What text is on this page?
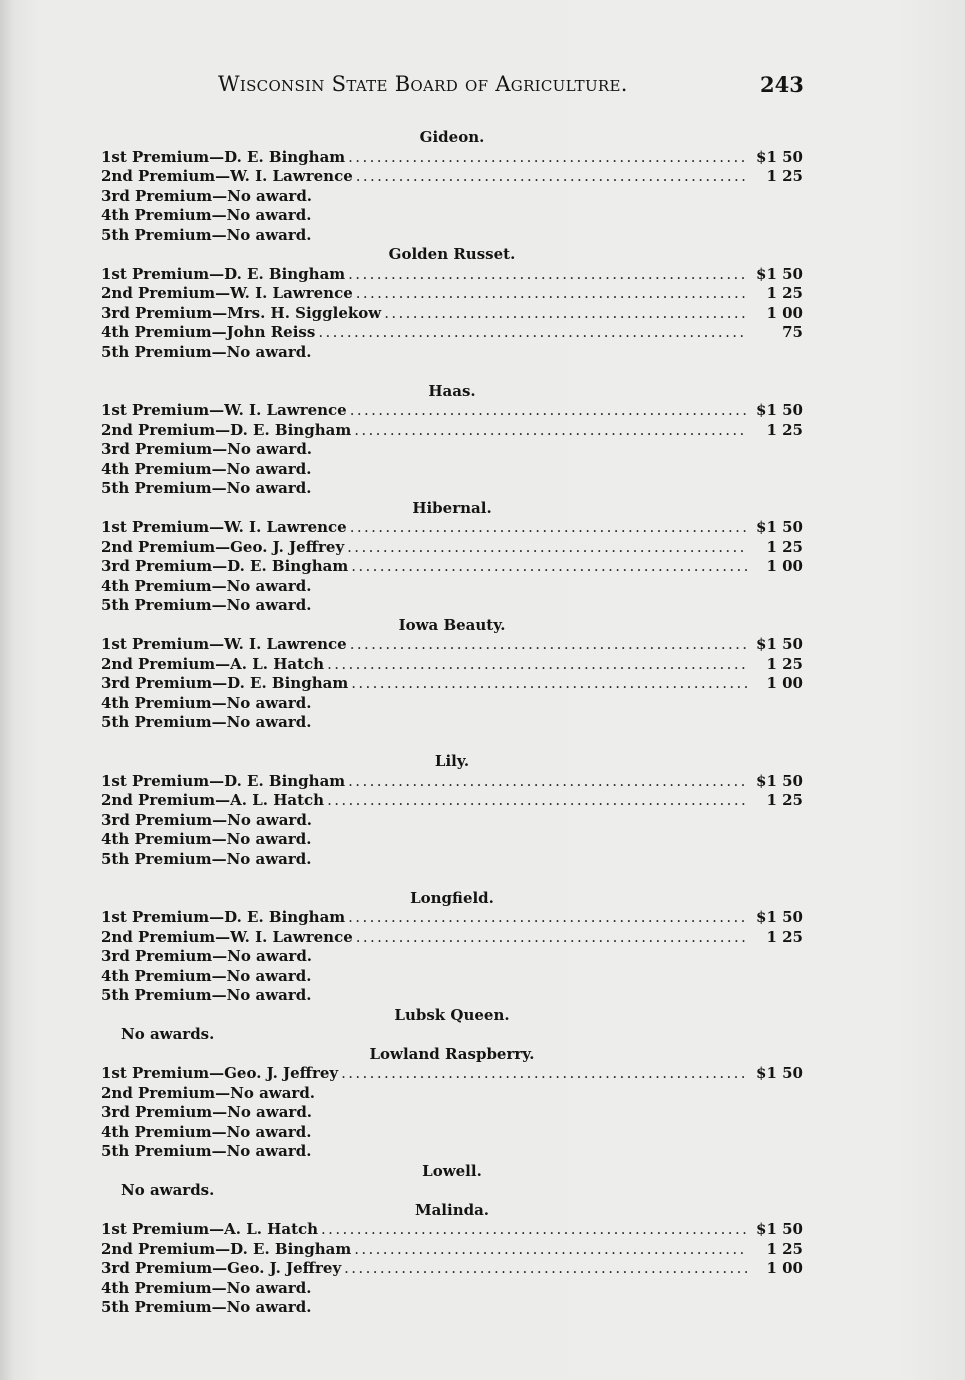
Wisconsin State Board of Agriculture.	243
Gideon.
1st Premium—D. E. Bingham . . .	$1 50
2nd Premium—W. I. Lawrence . . .	1 25
3rd Premium—No award.
4th Premium—No award.
5th Premium—No award.
Golden Russet.
1st Premium—D. E. Bingham . . .	$1 50
2nd Premium—W. I. Lawrence . . .	1 25
3rd Premium—Mrs. H. Sigglekow . . .	1 00
4th Premium—John Reiss . . .	75
5th Premium—No award.
Haas.
1st Premium—W. I. Lawrence . . .	$1 50
2nd Premium—D. E. Bingham . . .	1 25
3rd Premium—No award.
4th Premium—No award.
5th Premium—No award.
Hibernal.
1st Premium—W. I. Lawrence . . .	$1 50
2nd Premium—Geo. J. Jeffrey . . .	1 25
3rd Premium—D. E. Bingham . . .	1 00
4th Premium—No award.
5th Premium—No award.
Iowa Beauty.
1st Premium—W. I. Lawrence . . .	$1 50
2nd Premium—A. L. Hatch . . .	1 25
3rd Premium—D. E. Bingham . . .	1 00
4th Premium—No award.
5th Premium—No award.
Lily.
1st Premium—D. E. Bingham . . .	$1 50
2nd Premium—A. L. Hatch . . .	1 25
3rd Premium—No award.
4th Premium—No award.
5th Premium—No award.
Longfield.
1st Premium—D. E. Bingham . . .	$1 50
2nd Premium—W. I. Lawrence . . .	1 25
3rd Premium—No award.
4th Premium—No award.
5th Premium—No award.
Lubsk Queen.
No awards.
Lowland Raspberry.
1st Premium—Geo. J. Jeffrey . . .	$1 50
2nd Premium—No award.
3rd Premium—No award.
4th Premium—No award.
5th Premium—No award.
Lowell.
No awards.
Malinda.
1st Premium—A. L. Hatch . . .	$1 50
2nd Premium—D. E. Bingham . . .	1 25
3rd Premium—Geo. J. Jeffrey . . .	1 00
4th Premium—No award.
5th Premium—No award.
